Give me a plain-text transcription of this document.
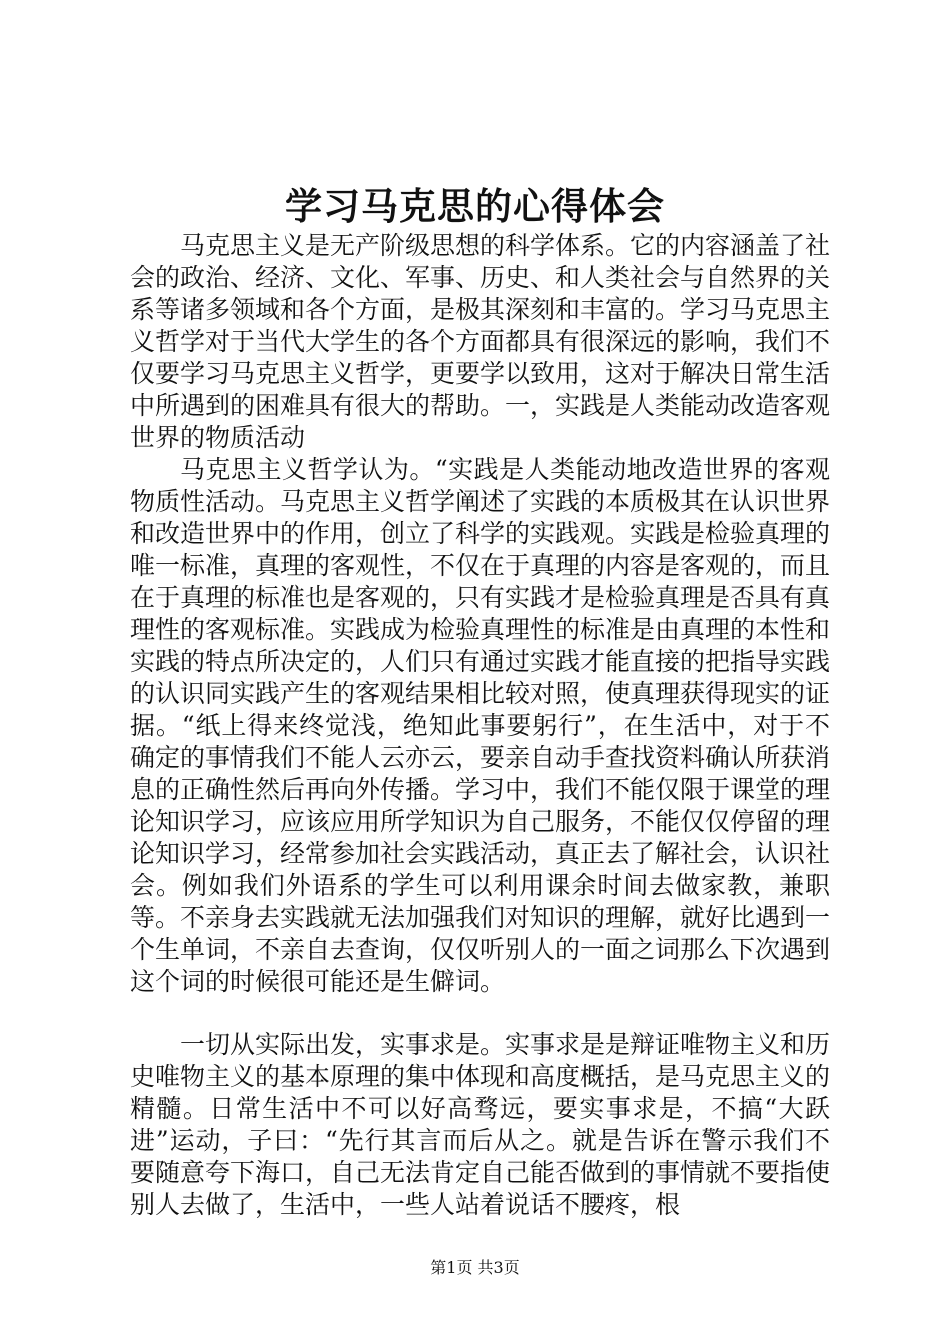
学习马克思的心得体会

马克思主义是无产阶级思想的科学体系。它的内容涵盖了社会的政治、经济、文化、军事、历史、和人类社会与自然界的关系等诸多领域和各个方面，是极其深刻和丰富的。学习马克思主义哲学对于当代大学生的各个方面都具有很深远的影响，我们不仅要学习马克思主义哲学，更要学以致用，这对于解决日常生活中所遇到的困难具有很大的帮助。一，实践是人类能动改造客观世界的物质活动

马克思主义哲学认为。“实践是人类能动地改造世界的客观物质性活动。马克思主义哲学阐述了实践的本质极其在认识世界和改造世界中的作用，创立了科学的实践观。实践是检验真理的唯一标准，真理的客观性，不仅在于真理的内容是客观的，而且在于真理的标准也是客观的，只有实践才是检验真理是否具有真理性的客观标准。实践成为检验真理性的标准是由真理的本性和实践的特点所决定的，人们只有通过实践才能直接的把指导实践的认识同实践产生的客观结果相比较对照，使真理获得现实的证据。“纸上得来终觉浅，绝知此事要躬行”，在生活中，对于不确定的事情我们不能人云亦云，要亲自动手查找资料确认所获消息的正确性然后再向外传播。学习中，我们不能仅限于课堂的理论知识学习，应该应用所学知识为自己服务，不能仅仅停留的理论知识学习，经常参加社会实践活动，真正去了解社会，认识社会。例如我们外语系的学生可以利用课余时间去做家教，兼职等。不亲身去实践就无法加强我们对知识的理解，就好比遇到一个生单词，不亲自去查询，仅仅听别人的一面之词那么下次遇到这个词的时候很可能还是生僻词。

一切从实际出发，实事求是。实事求是是辩证唯物主义和历史唯物主义的基本原理的集中体现和高度概括，是马克思主义的精髓。日常生活中不可以好高骛远，要实事求是，不搞“大跃进”运动，子曰：“先行其言而后从之。就是告诉在警示我们不要随意夸下海口，自己无法肯定自己能否做到的事情就不要指使别人去做了，生活中，一些人站着说话不腰疼，根

第1页 共3页
